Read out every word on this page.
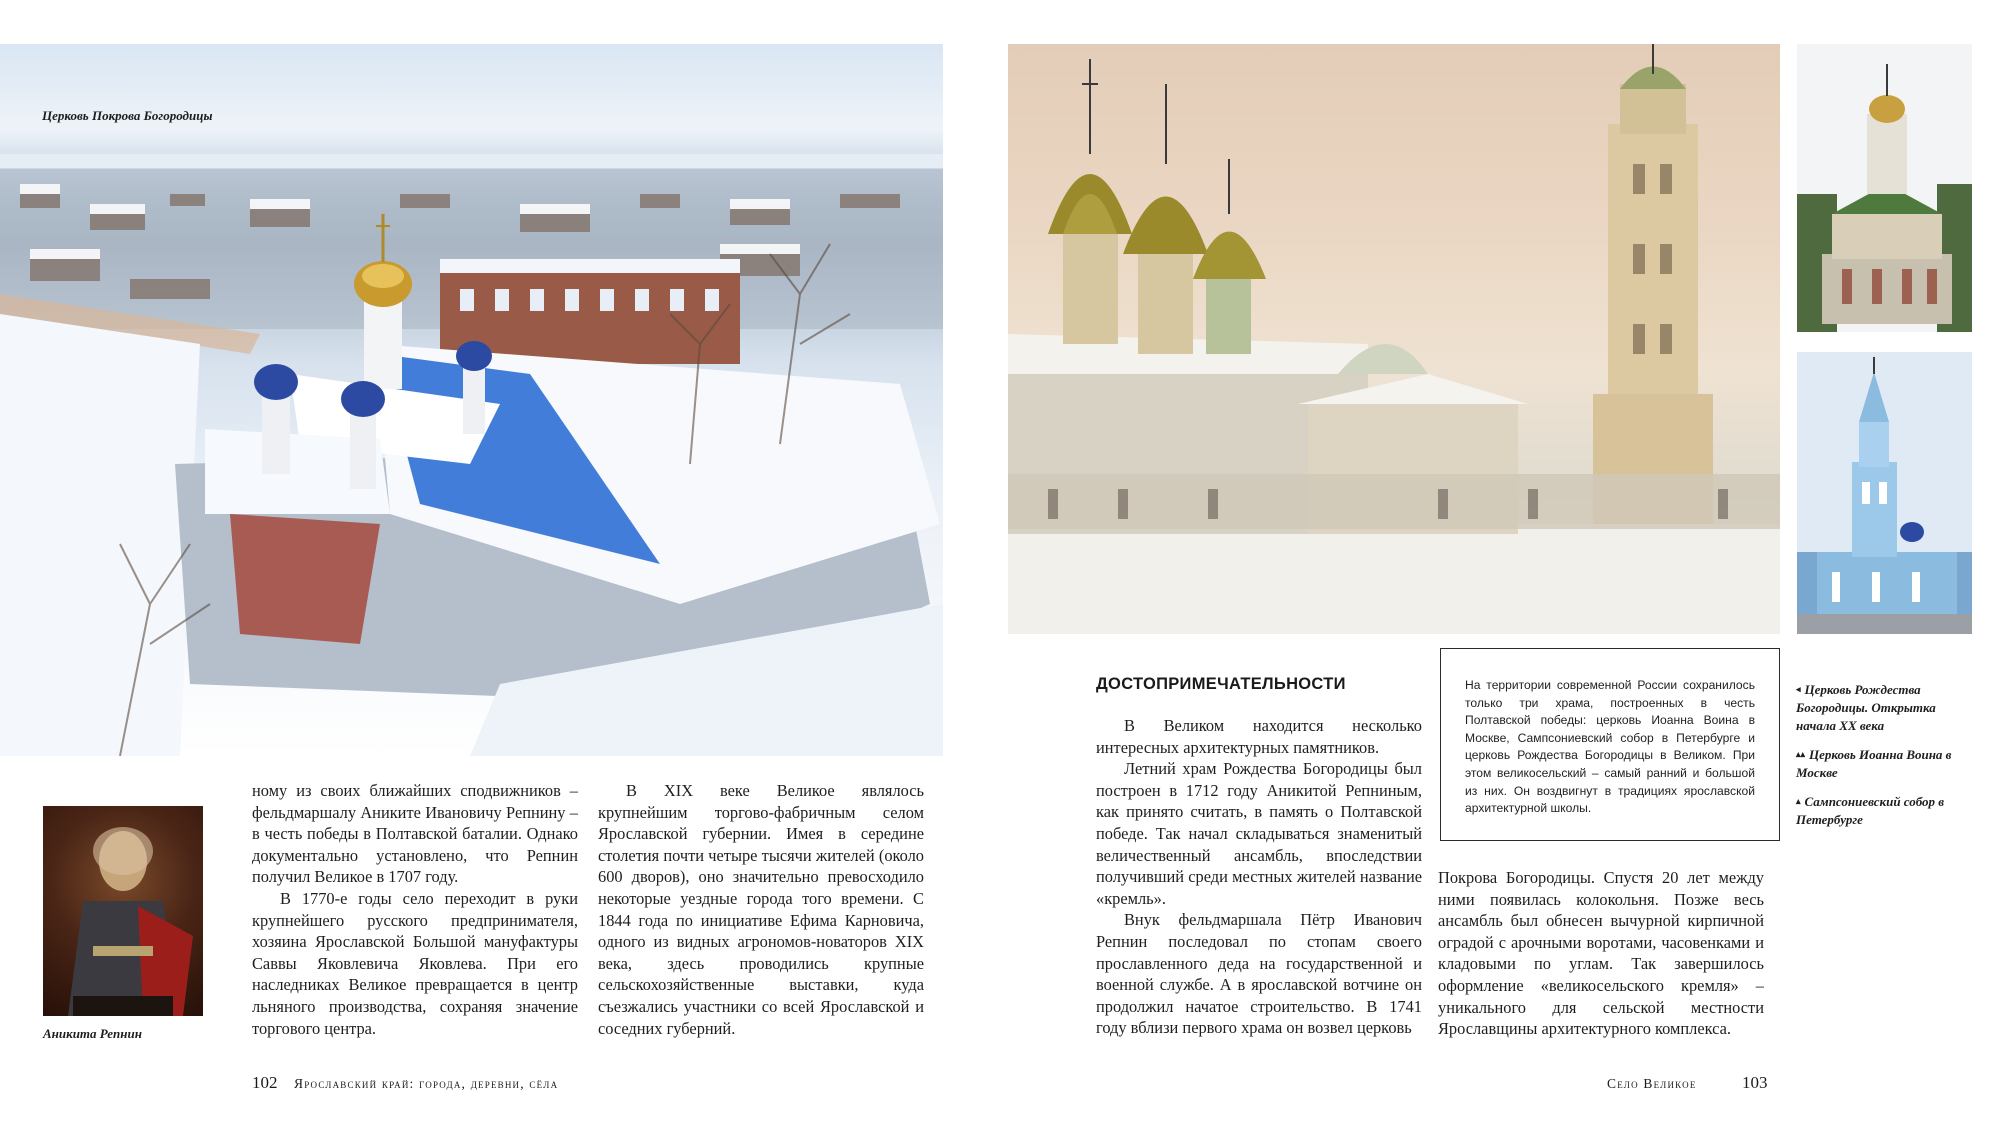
Церковь Покрова Богородицы
Аникита Репнин

ному из своих ближайших сподвижников – фельдмаршалу Аниките Ивановичу Репнину – в честь победы в Полтавской баталии. Однако документально установлено, что Репнин получил Великое в 1707 году.

В 1770-е годы село переходит в руки крупнейшего русского предпринимателя, хозяина Ярославской Большой мануфактуры Саввы Яковлевича Яковлева. При его наследниках Великое превращается в центр льняного производства, сохраняя значение торгового центра.

В XIX веке Великое являлось крупнейшим торгово-фабричным селом Ярославской губернии. Имея в середине столетия почти четыре тысячи жителей (около 600 дворов), оно значительно превосходило некоторые уездные города того времени. С 1844 года по инициативе Ефима Карновича, одного из видных агрономов-новаторов XIX века, здесь проводились крупные сельскохозяйственные выставки, куда съезжались участники со всей Ярославской и соседних губерний.

102 Ярославский край: города, деревни, сёла

◂ Церковь Рождества Богородицы. Открытка начала XX века

▴▴ Церковь Иоанна Воина в Москве

▴ Сампсониевский собор в Петербурге

ДОСТОПРИМЕЧАТЕЛЬНОСТИ

В Великом находится несколько интересных архитектурных памятников.

Летний храм Рождества Богородицы был построен в 1712 году Аникитой Репниным, как принято считать, в память о Полтавской победе. Так начал складываться знаменитый величественный ансамбль, впоследствии получивший среди местных жителей название «кремль».

Внук фельдмаршала Пётр Иванович Репнин последовал по стопам своего прославленного деда на государственной и военной службе. А в ярославской вотчине он продолжил начатое строительство. В 1741 году вблизи первого храма он возвел церковь

На территории современной России сохранилось только три храма, построенных в честь Полтавской победы: церковь Иоанна Воина в Москве, Сампсониевский собор в Петербурге и церковь Рождества Богородицы в Великом. При этом великосельский – самый ранний и большой из них. Он воздвигнут в традициях ярославской архитектурной школы.

Покрова Богородицы. Спустя 20 лет между ними появилась колокольня. Позже весь ансамбль был обнесен вычурной кирпичной оградой с арочными воротами, часовенками и кладовыми по углам. Так завершилось оформление «великосельского кремля» – уникального для сельской местности Ярославщины архитектурного комплекса.

Село Великое	103
